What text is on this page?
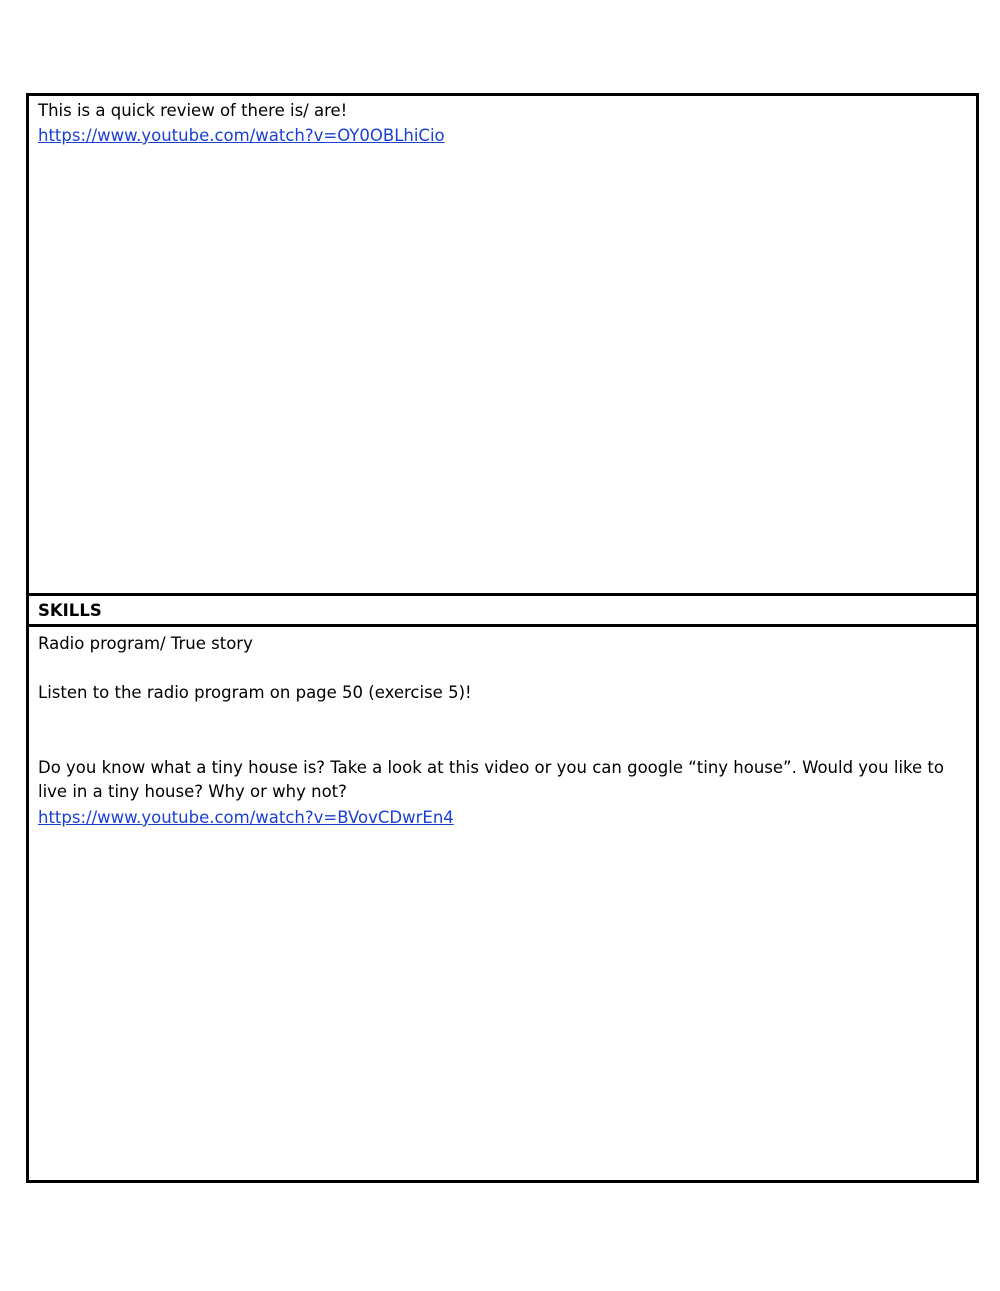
This is a quick review of there is/ are!
https://www.youtube.com/watch?v=OY0OBLhiCio
SKILLS
Radio program/ True story
Listen to the radio program on page 50 (exercise 5)!
Do you know what a tiny house is? Take a look at this video or you can google “tiny house”. Would you like to live in a tiny house? Why or why not?
https://www.youtube.com/watch?v=BVovCDwrEn4
